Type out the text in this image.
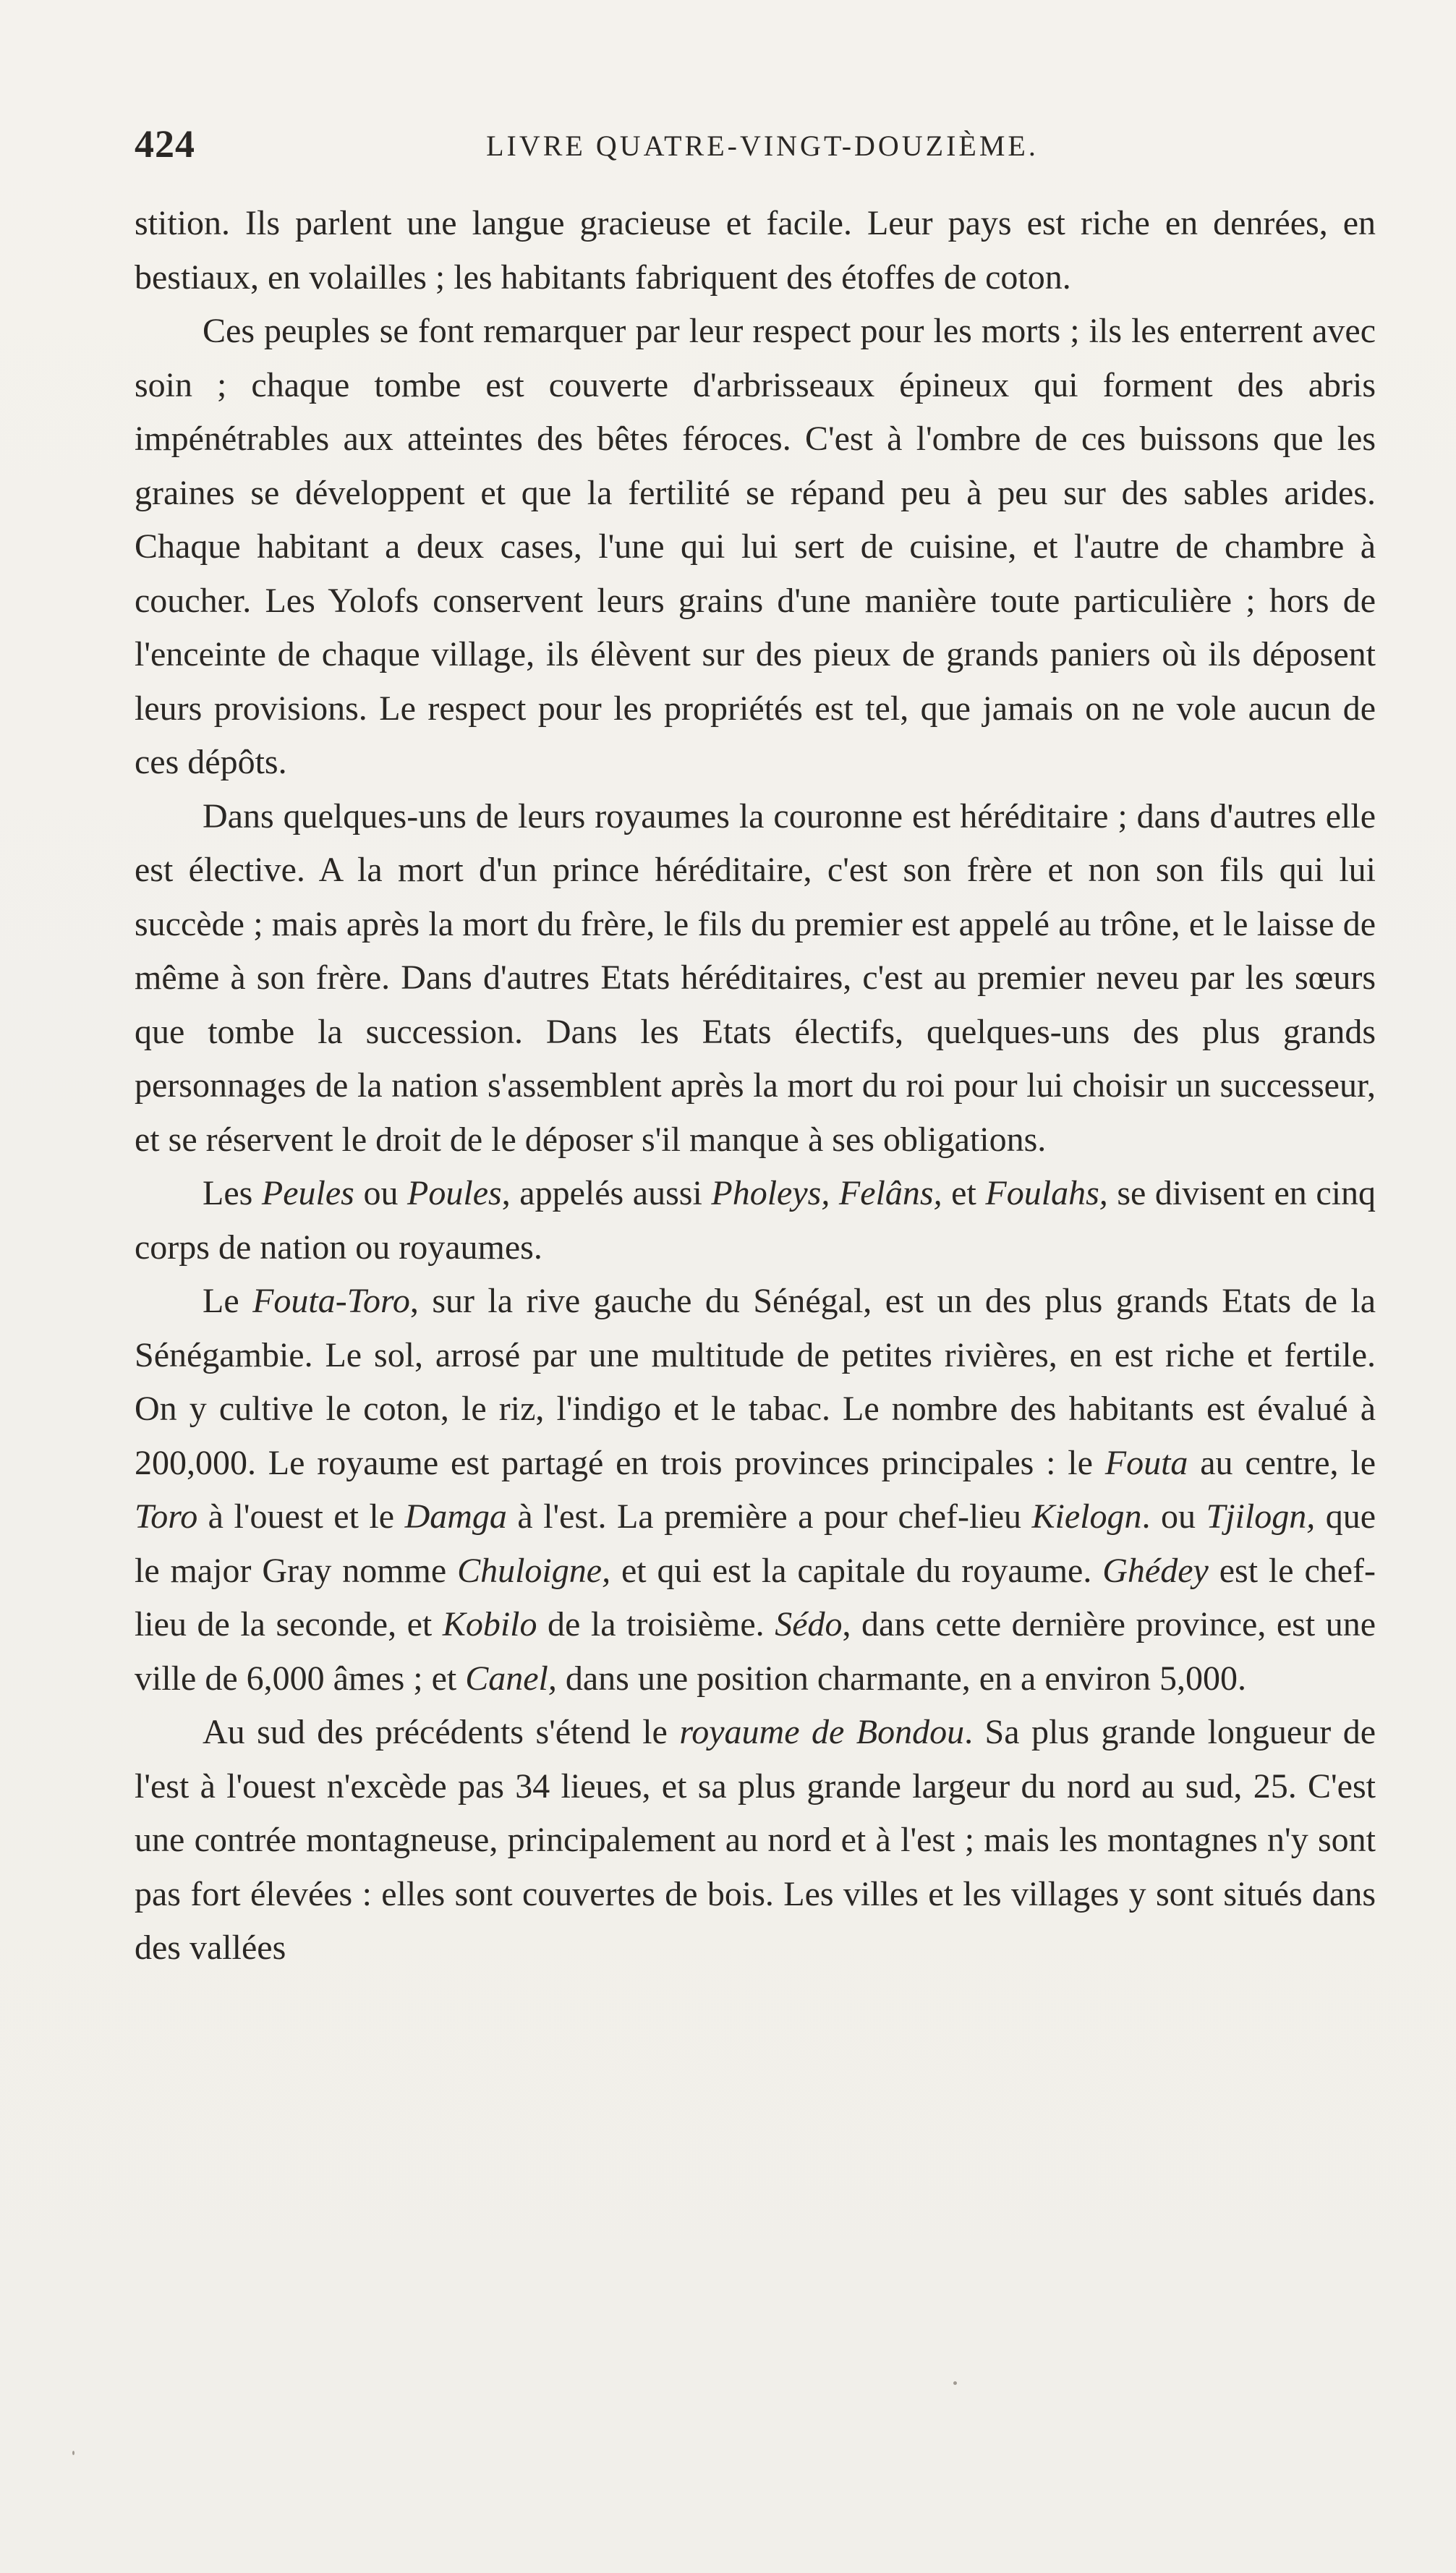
424	LIVRE QUATRE-VINGT-DOUZIÈME.

stition. Ils parlent une langue gracieuse et facile. Leur pays est riche en denrées, en bestiaux, en volailles ; les habitants fabriquent des étoffes de coton.

Ces peuples se font remarquer par leur respect pour les morts ; ils les enterrent avec soin ; chaque tombe est couverte d'arbrisseaux épineux qui forment des abris impénétrables aux atteintes des bêtes féroces. C'est à l'ombre de ces buissons que les graines se développent et que la fertilité se répand peu à peu sur des sables arides. Chaque habitant a deux cases, l'une qui lui sert de cuisine, et l'autre de chambre à coucher. Les Yolofs conservent leurs grains d'une manière toute particulière ; hors de l'enceinte de chaque village, ils élèvent sur des pieux de grands paniers où ils déposent leurs provisions. Le respect pour les propriétés est tel, que jamais on ne vole aucun de ces dépôts.

Dans quelques-uns de leurs royaumes la couronne est héréditaire ; dans d'autres elle est élective. A la mort d'un prince héréditaire, c'est son frère et non son fils qui lui succède ; mais après la mort du frère, le fils du premier est appelé au trône, et le laisse de même à son frère. Dans d'autres Etats héréditaires, c'est au premier neveu par les sœurs que tombe la succession. Dans les Etats électifs, quelques-uns des plus grands personnages de la nation s'assemblent après la mort du roi pour lui choisir un successeur, et se réservent le droit de le déposer s'il manque à ses obligations.

Les Peules ou Poules, appelés aussi Pholeys, Felâns, et Foulahs, se divisent en cinq corps de nation ou royaumes.

Le Fouta-Toro, sur la rive gauche du Sénégal, est un des plus grands Etats de la Sénégambie. Le sol, arrosé par une multitude de petites rivières, en est riche et fertile. On y cultive le coton, le riz, l'indigo et le tabac. Le nombre des habitants est évalué à 200,000. Le royaume est partagé en trois provinces principales : le Fouta au centre, le Toro à l'ouest et le Damga à l'est. La première a pour chef-lieu Kielogn. ou Tjilogn, que le major Gray nomme Chuloigne, et qui est la capitale du royaume. Ghédey est le chef-lieu de la seconde, et Kobilo de la troisième. Sédo, dans cette dernière province, est une ville de 6,000 âmes ; et Canel, dans une position charmante, en a environ 5,000.

Au sud des précédents s'étend le royaume de Bondou. Sa plus grande longueur de l'est à l'ouest n'excède pas 34 lieues, et sa plus grande largeur du nord au sud, 25. C'est une contrée montagneuse, principalement au nord et à l'est ; mais les montagnes n'y sont pas fort élevées : elles sont couvertes de bois. Les villes et les villages y sont situés dans des vallées
